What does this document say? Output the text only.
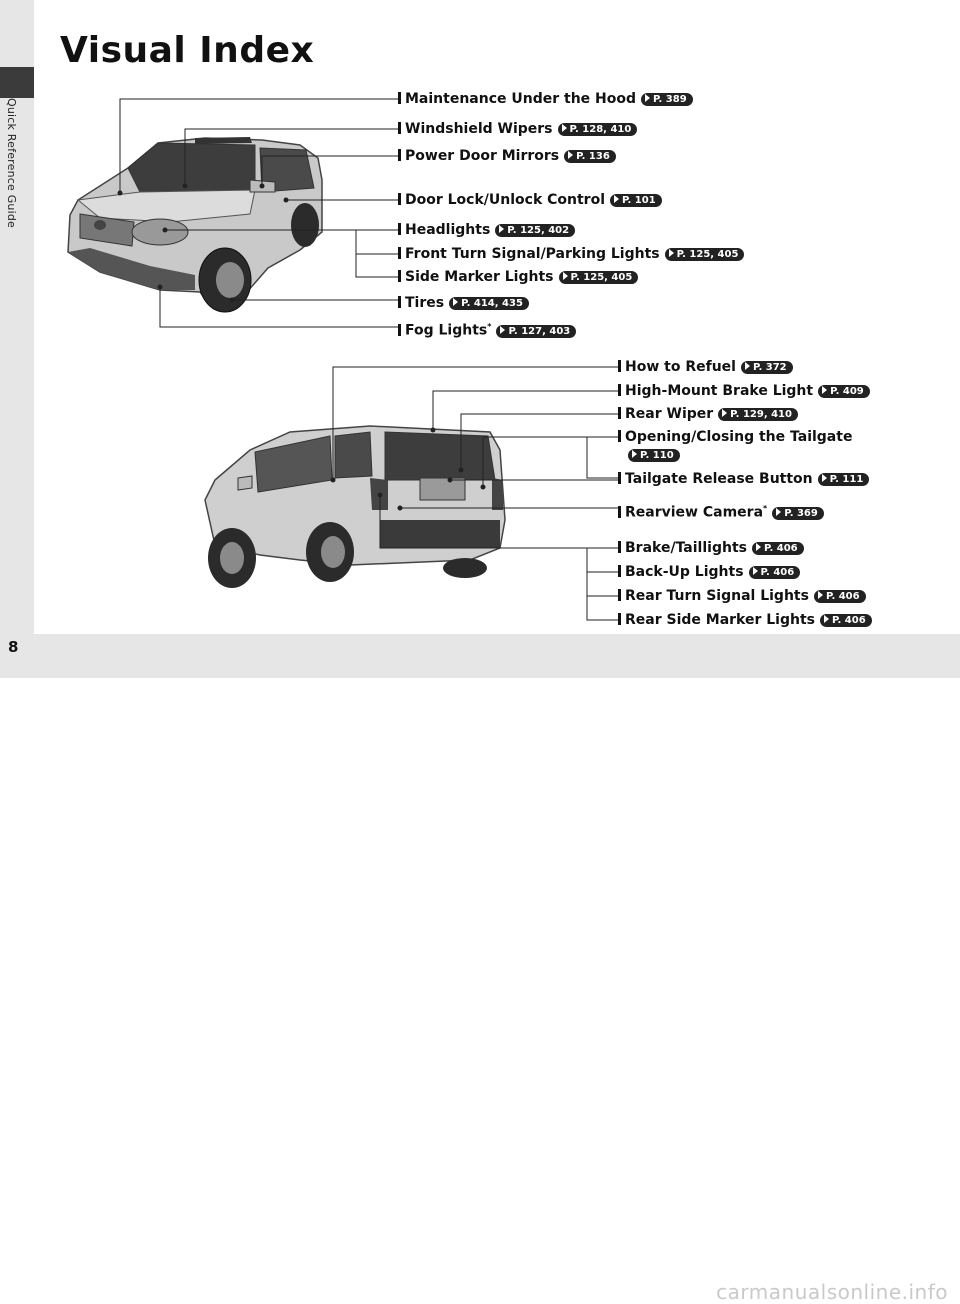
Quick Reference Guide
carmanualsonline.info
8
Visual Index
Maintenance Under the Hood P. 389
Windshield Wipers P. 128, 410
Power Door Mirrors P. 136
Door Lock/Unlock Control P. 101
Headlights P. 125, 402
Front Turn Signal/Parking Lights P. 125, 405
Side Marker Lights P. 125, 405
Tires P. 414, 435
Fog Lights* P. 127, 403
How to Refuel P. 372
High-Mount Brake Light P. 409
Rear Wiper P. 129, 410
Opening/Closing the Tailgate
P. 110
Tailgate Release Button P. 111
Rearview Camera* P. 369
Brake/Taillights P. 406
Back-Up Lights P. 406
Rear Turn Signal Lights P. 406
Rear Side Marker Lights P. 406
